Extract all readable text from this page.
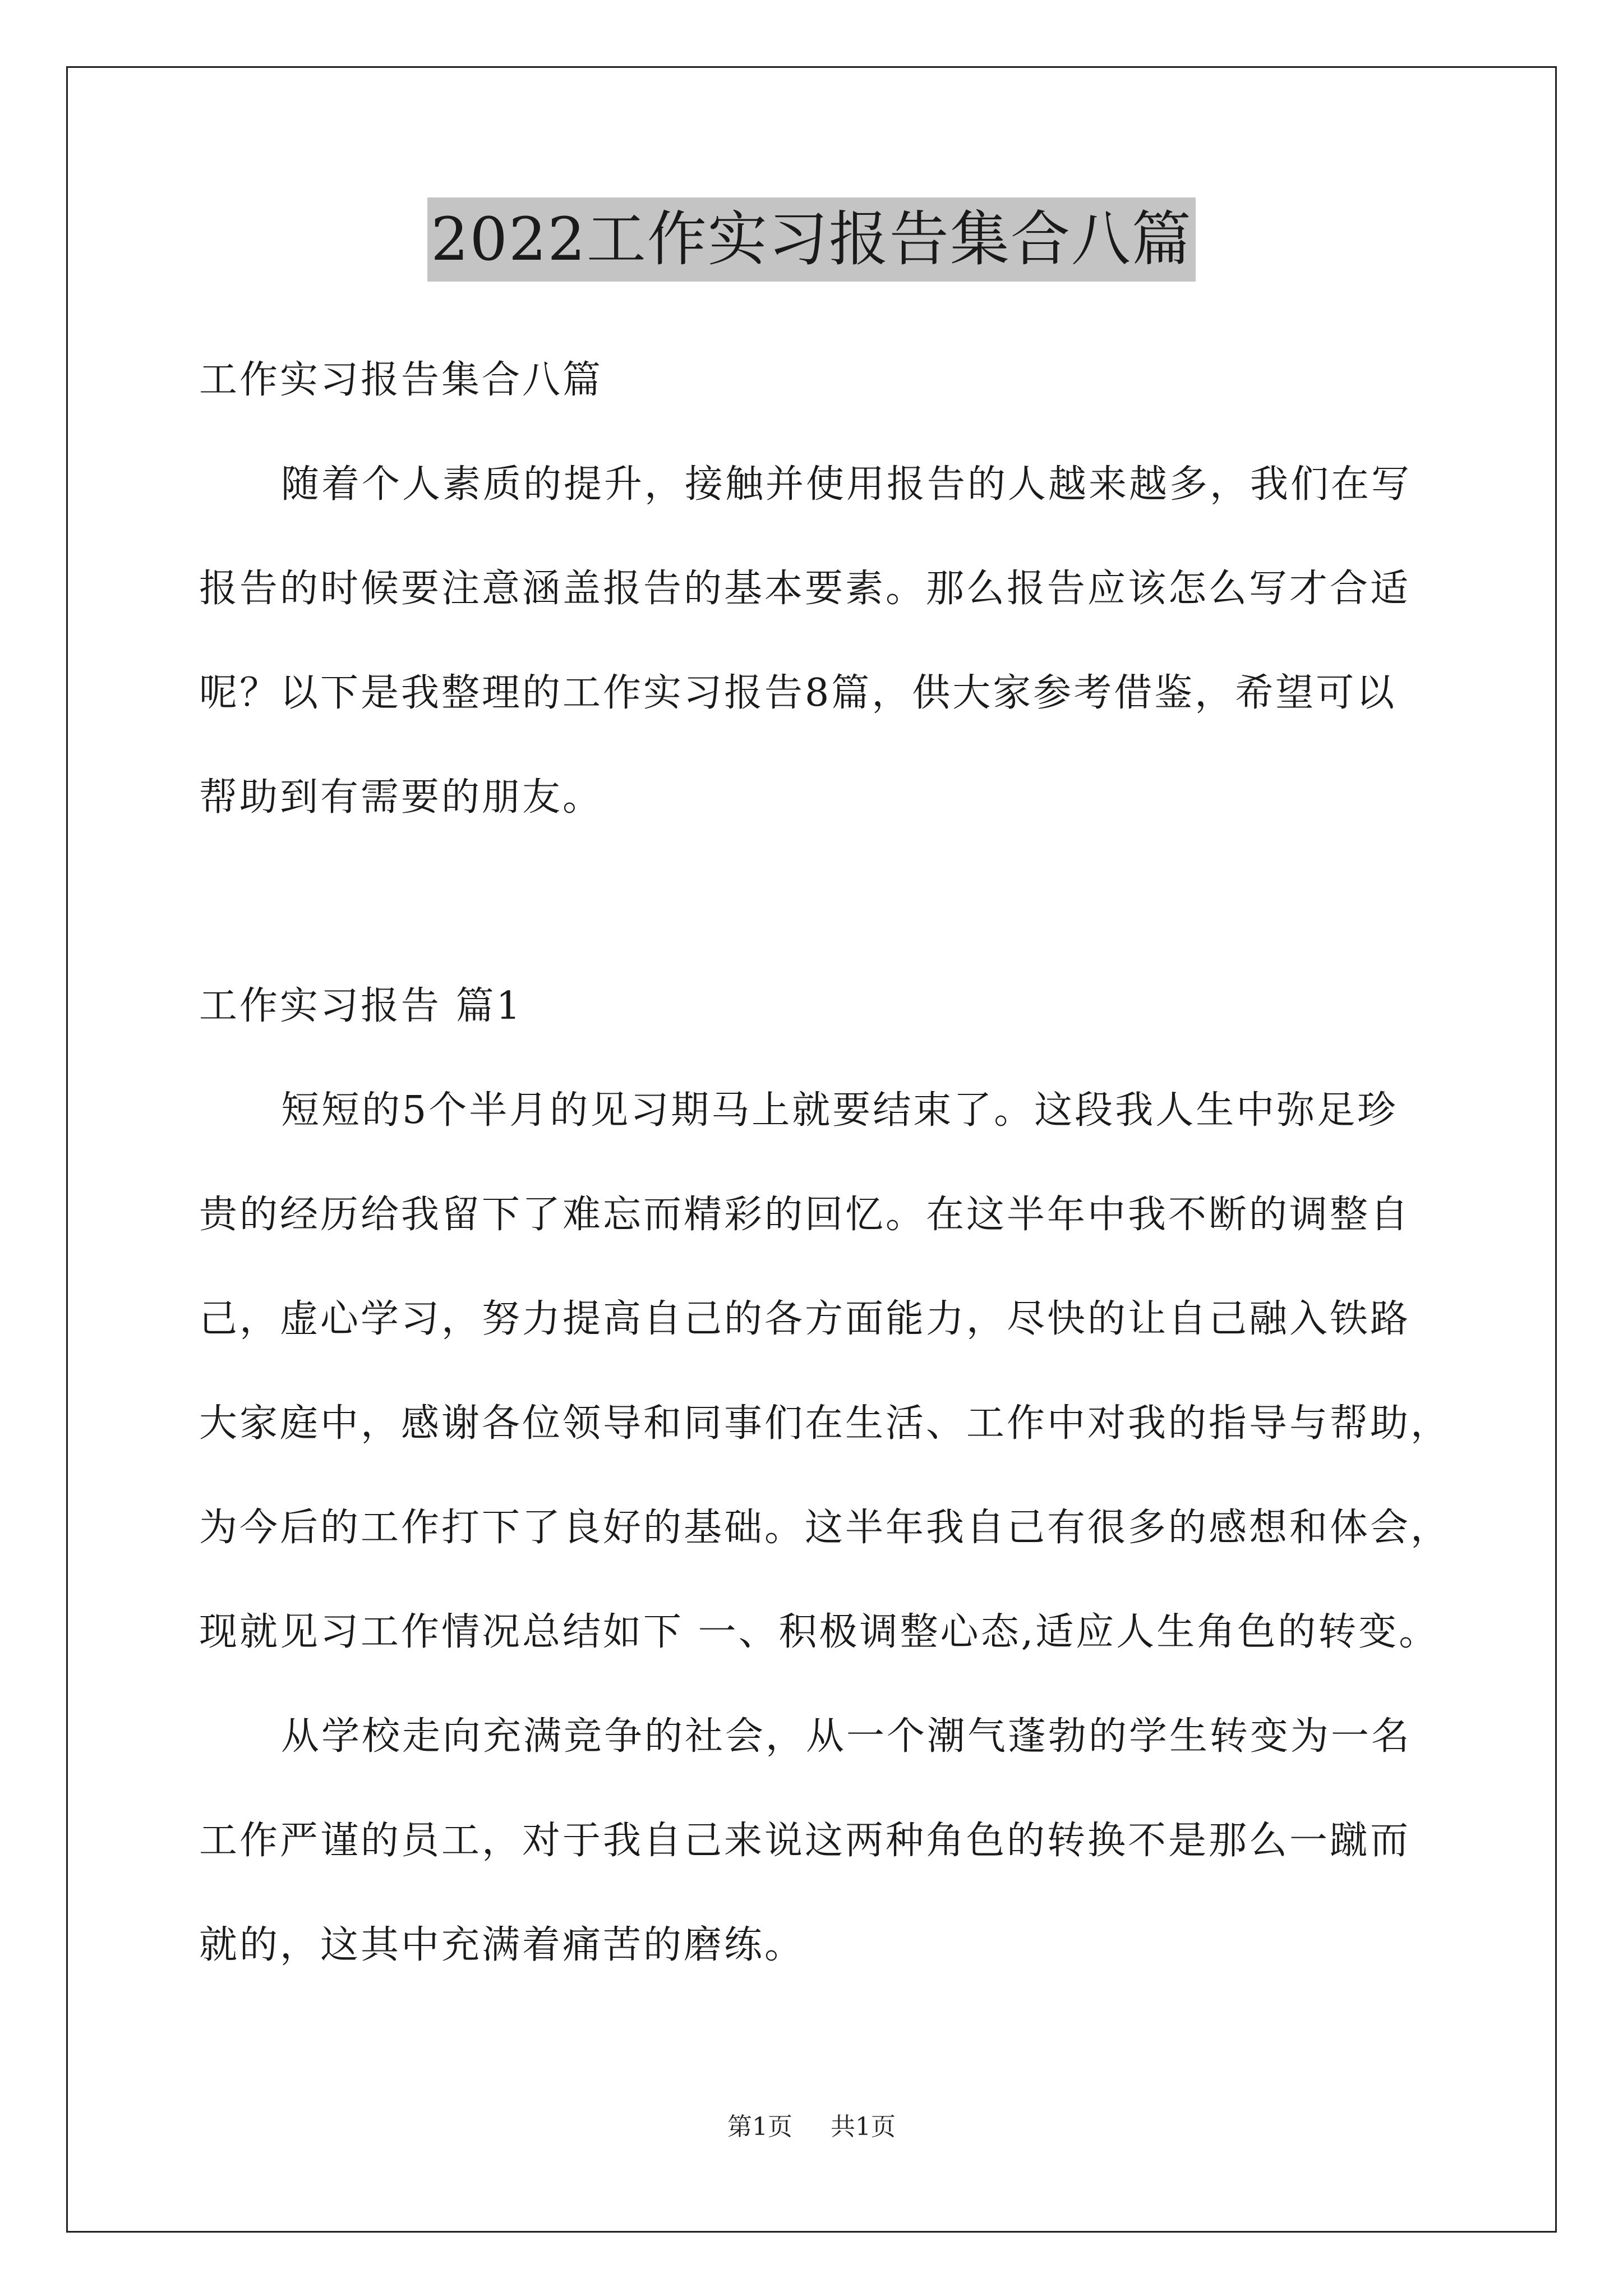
2022工作实习报告集合八篇
工作实习报告集合八篇
随着个人素质的提升，接触并使用报告的人越来越多，我们在写
报告的时候要注意涵盖报告的基本要素。那么报告应该怎么写才合适
呢？以下是我整理的工作实习报告8篇，供大家参考借鉴，希望可以
帮助到有需要的朋友。
工作实习报告 篇1
短短的5个半月的见习期马上就要结束了。这段我人生中弥足珍
贵的经历给我留下了难忘而精彩的回忆。在这半年中我不断的调整自
己，虚心学习，努力提高自己的各方面能力，尽快的让自己融入铁路
大家庭中，感谢各位领导和同事们在生活、工作中对我的指导与帮助，
为今后的工作打下了良好的基础。这半年我自己有很多的感想和体会，
现就见习工作情况总结如下 一、积极调整心态,适应人生角色的转变。
从学校走向充满竞争的社会，从一个潮气蓬勃的学生转变为一名
工作严谨的员工，对于我自己来说这两种角色的转换不是那么一蹴而
就的，这其中充满着痛苦的磨练。
第1页 共1页
